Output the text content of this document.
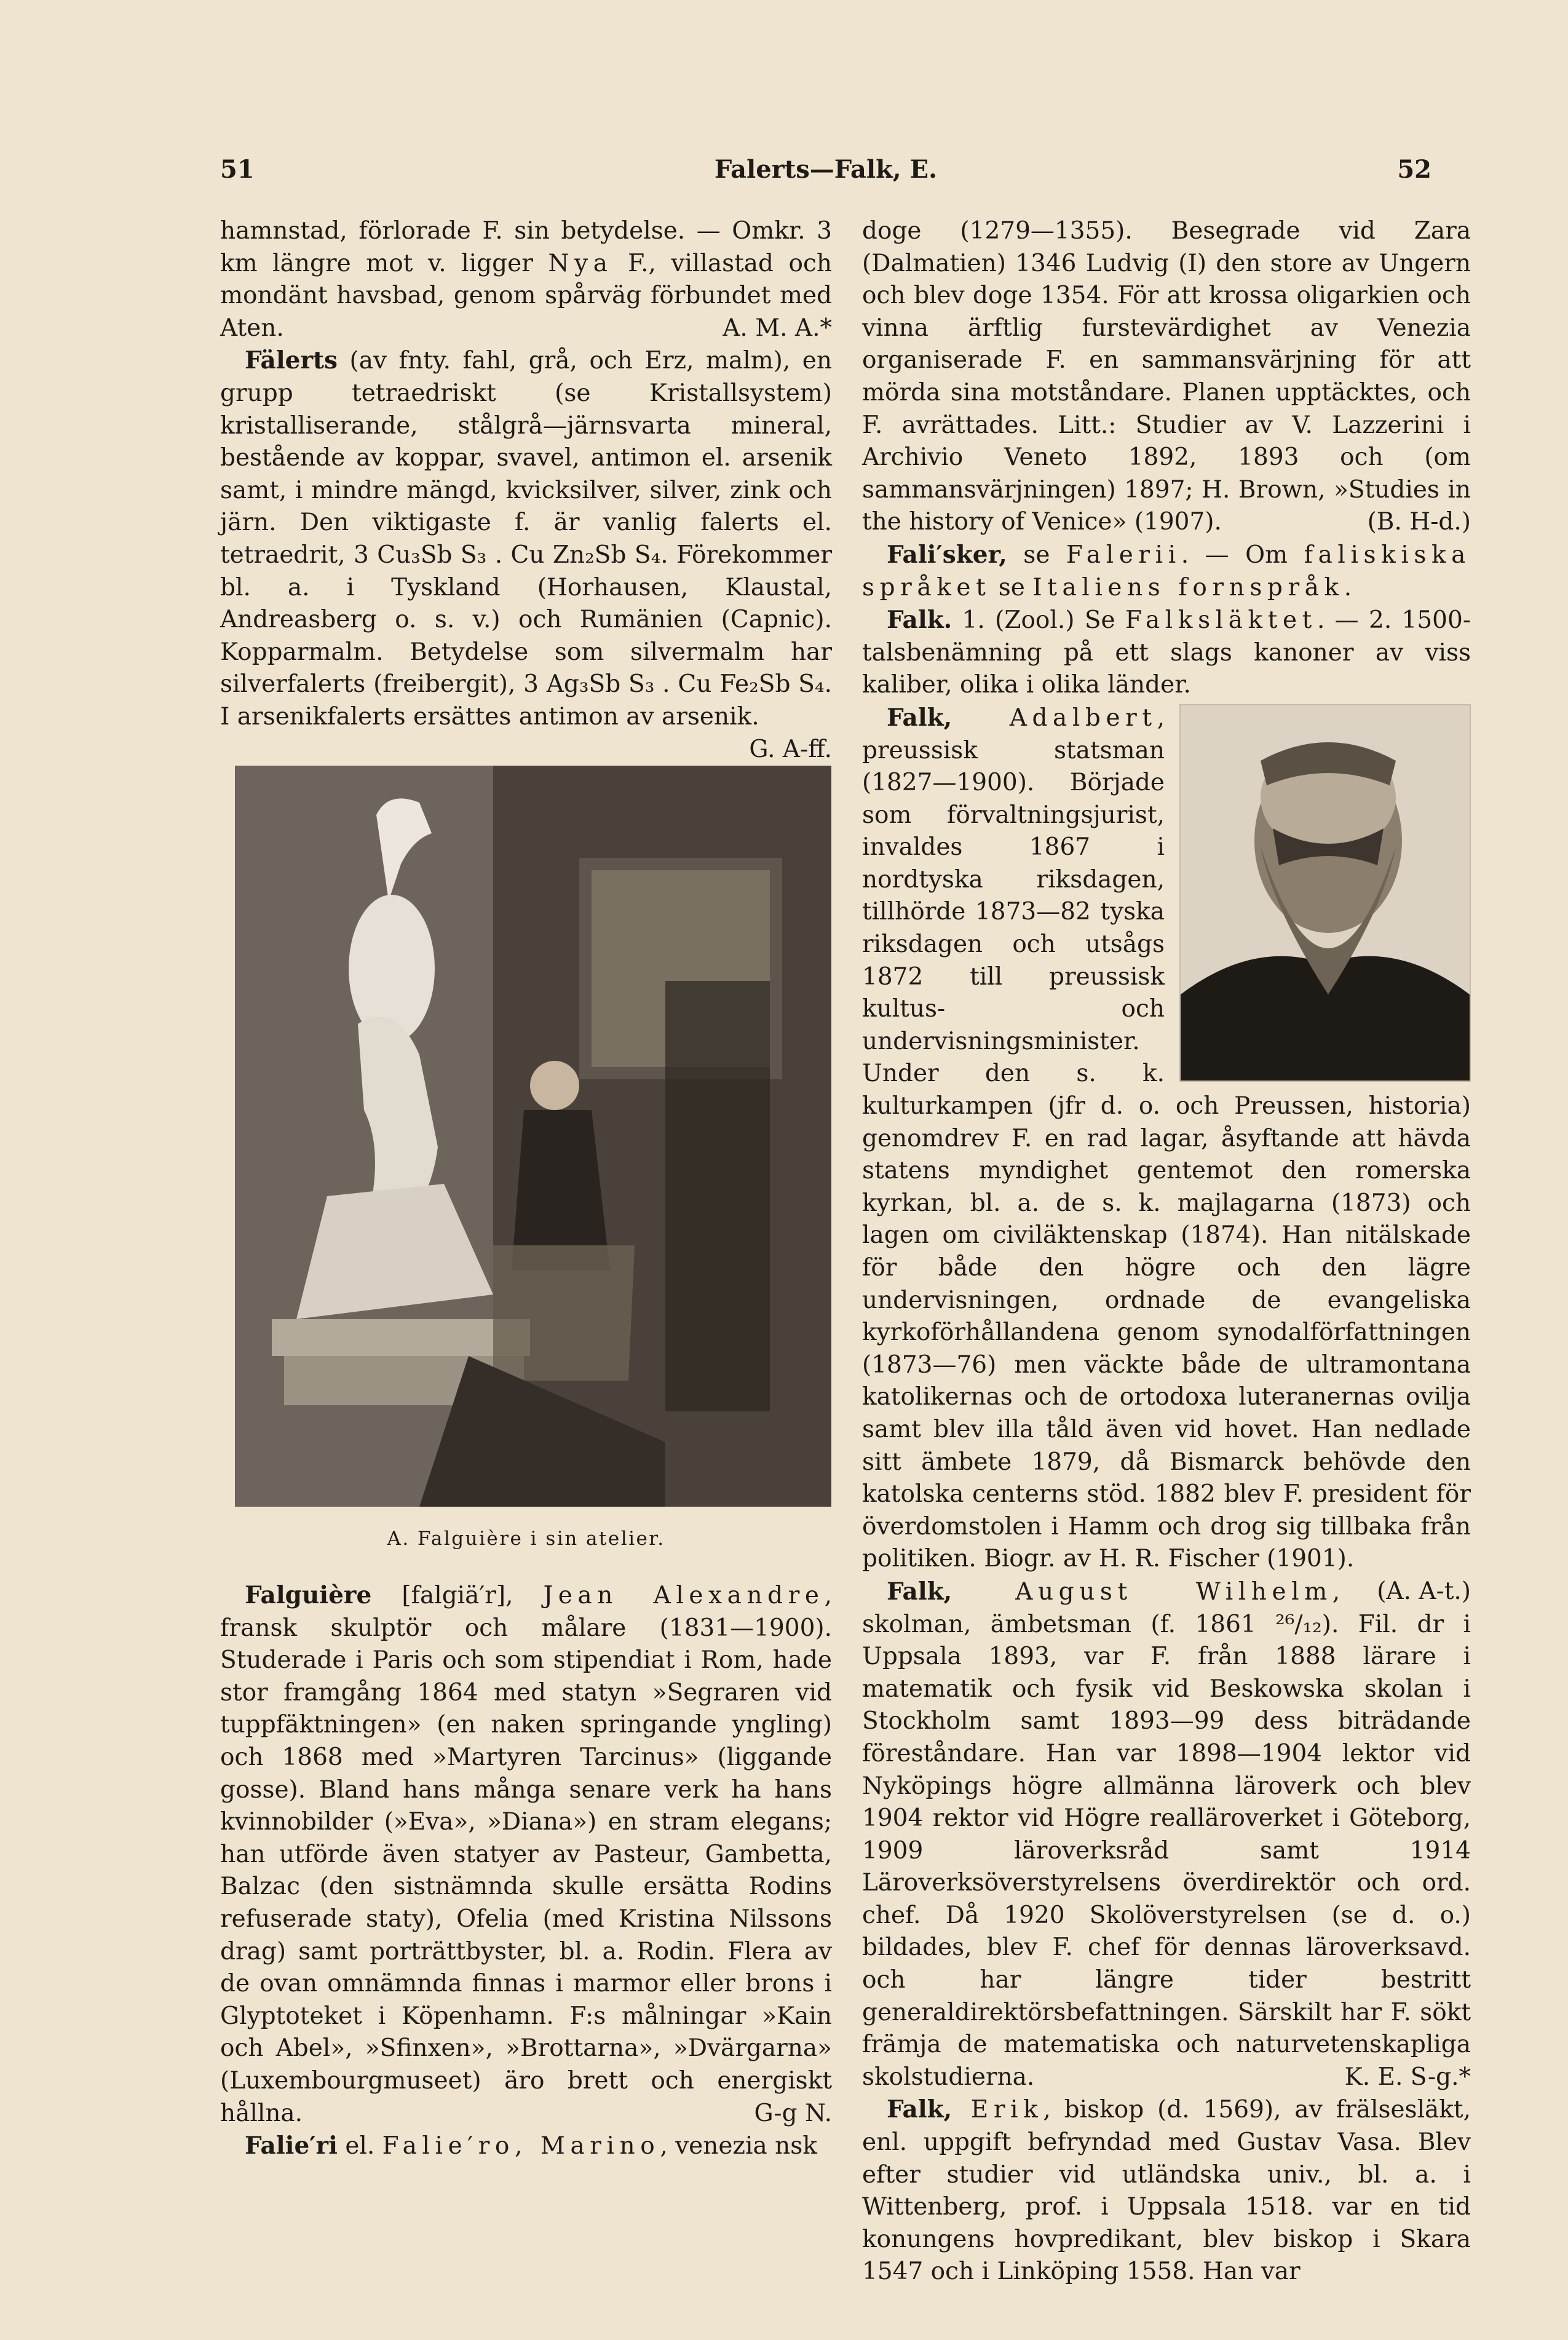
51	Falerts—Falk, E.	52

hamnstad, förlorade F. sin betydelse. — Omkr. 3 km längre mot v. ligger Nya F., villastad och mondänt havsbad, genom spårväg förbundet med Aten.	A. M. A.*

Fälerts (av fnty. fahl, grå, och Erz, malm), en grupp tetraedriskt (se Kristallsystem) kristalliserande, stålgrå—järnsvarta mineral, bestående av koppar, svavel, antimon el. arsenik samt, i mindre mängd, kvicksilver, silver, zink och järn. Den viktigaste f. är vanlig falerts el. tetraedrit, 3 Cu₃Sb S₃ . Cu Zn₂Sb S₄. Förekommer bl. a. i Tyskland (Horhausen, Klaustal, Andreasberg o. s. v.) och Rumänien (Capnic). Kopparmalm. Betydelse som silvermalm har silverfalerts (freibergit), 3 Ag₃Sb S₃ . Cu Fe₂Sb S₄. I arsenikfalerts ersättes antimon av arsenik.
G. A-ff.

A. Falguière i sin atelier.

Falguière [falgiä′r], Jean Alexandre, fransk skulptör och målare (1831—1900). Studerade i Paris och som stipendiat i Rom, hade stor framgång 1864 med statyn »Segraren vid tuppfäktningen» (en naken springande yngling) och 1868 med »Martyren Tarcinus» (liggande gosse). Bland hans många senare verk ha hans kvinnobilder (»Eva», »Diana») en stram elegans; han utförde även statyer av Pasteur, Gambetta, Balzac (den sistnämnda skulle ersätta Rodins refuserade staty), Ofelia (med Kristina Nilssons drag) samt porträttbyster, bl. a. Rodin. Flera av de ovan omnämnda finnas i marmor eller brons i Glyptoteket i Köpenhamn. F:s målningar »Kain och Abel», »Sfinxen», »Brottarna», »Dvärgarna» (Luxembourgmuseet) äro brett och energiskt hållna.	G-g N.

Falie′ri el. Falie′ro, Marino, venezia nsk

doge (1279—1355). Besegrade vid Zara (Dalmatien) 1346 Ludvig (I) den store av Ungern och blev doge 1354. För att krossa oligarkien och vinna ärftlig furstevärdighet av Venezia organiserade F. en sammansvärjning för att mörda sina motståndare. Planen upptäcktes, och F. avrättades. Litt.: Studier av V. Lazzerini i Archivio Veneto 1892, 1893 och (om sammansvärjningen) 1897; H. Brown, »Studies in the history of Venice» (1907).	(B. H-d.)

Fali′sker, se Falerii. — Om faliskiska språket se Italiens fornspråk.

Falk. 1. (Zool.) Se Falksläktet. — 2. 1500-talsbenämning på ett slags kanoner av viss kaliber, olika i olika länder.

Falk, Adalbert, preussisk statsman (1827—1900). Började som förvaltningsjurist, invaldes 1867 i nordtyska riksdagen, tillhörde 1873—82 tyska riksdagen och utsågs 1872 till preussisk kultus- och undervisningsminister. Under den s. k. kulturkampen (jfr d. o. och Preussen, historia) genomdrev F. en rad lagar, åsyftande att hävda statens myndighet gentemot den romerska kyrkan, bl. a. de s. k. majlagarna (1873) och lagen om civiläktenskap (1874). Han nitälskade för både den högre och den lägre undervisningen, ordnade de evangeliska kyrkoförhållandena genom synodalförfattningen (1873—76) men väckte både de ultramontana katolikernas och de ortodoxa luteranernas ovilja samt blev illa tåld även vid hovet. Han nedlade sitt ämbete 1879, då Bismarck behövde den katolska centerns stöd. 1882 blev F. president för överdomstolen i Hamm och drog sig tillbaka från politiken. Biogr. av H. R. Fischer (1901).
(A. A-t.)

Falk, August Wilhelm, skolman, ämbetsman (f. 1861 ²⁶/₁₂). Fil. dr i Uppsala 1893, var F. från 1888 lärare i matematik och fysik vid Beskowska skolan i Stockholm samt 1893—99 dess biträdande föreståndare. Han var 1898—1904 lektor vid Nyköpings högre allmänna läroverk och blev 1904 rektor vid Högre realläroverket i Göteborg, 1909 läroverksråd samt 1914 Läroverksöverstyrelsens överdirektör och ord. chef. Då 1920 Skolöverstyrelsen (se d. o.) bildades, blev F. chef för dennas läroverksavd. och har längre tider bestritt generaldirektörsbefattningen. Särskilt har F. sökt främja de matematiska och naturvetenskapliga skolstudierna.	K. E. S-g.*

Falk, Erik, biskop (d. 1569), av frälsesläkt, enl. uppgift befryndad med Gustav Vasa. Blev efter studier vid utländska univ., bl. a. i Wittenberg, prof. i Uppsala 1518. var en tid konungens hovpredikant, blev biskop i Skara 1547 och i Linköping 1558. Han var
